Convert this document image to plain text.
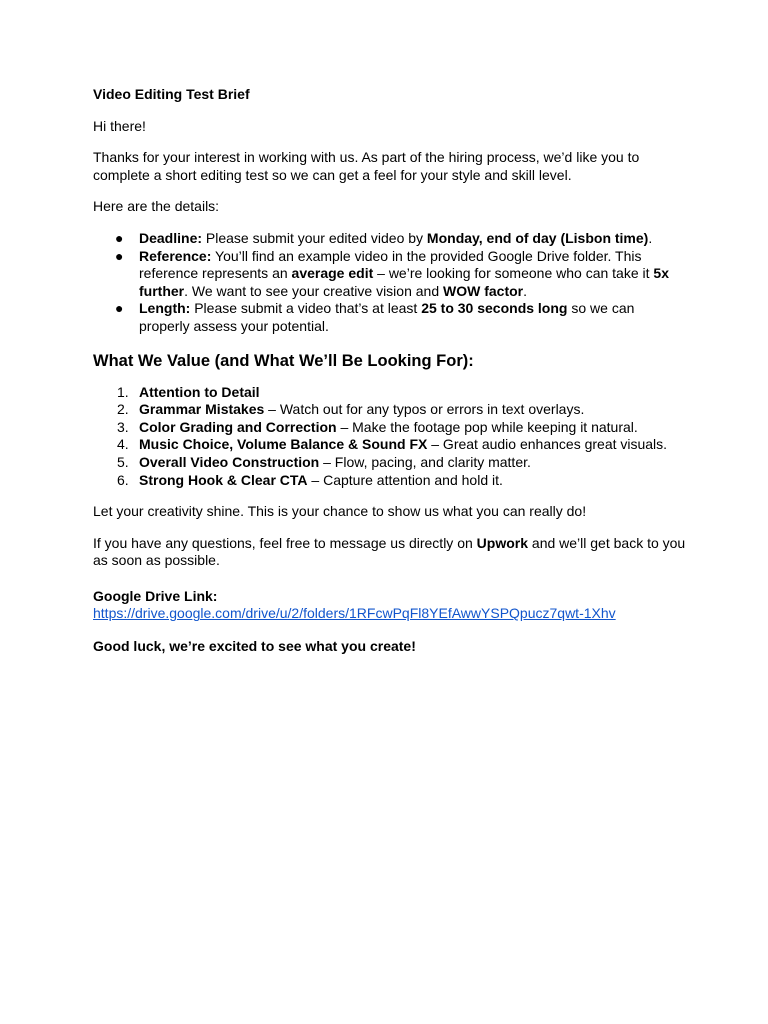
Video Editing Test Brief

Hi there!

Thanks for your interest in working with us. As part of the hiring process, we’d like you to complete a short editing test so we can get a feel for your style and skill level.

Here are the details:

● Deadline: Please submit your edited video by Monday, end of day (Lisbon time).
● Reference: You’ll find an example video in the provided Google Drive folder. This reference represents an average edit – we’re looking for someone who can take it 5x further. We want to see your creative vision and WOW factor.
● Length: Please submit a video that’s at least 25 to 30 seconds long so we can properly assess your potential.
What We Value (and What We’ll Be Looking For):
1. Attention to Detail
2. Grammar Mistakes – Watch out for any typos or errors in text overlays.
3. Color Grading and Correction – Make the footage pop while keeping it natural.
4. Music Choice, Volume Balance & Sound FX – Great audio enhances great visuals.
5. Overall Video Construction – Flow, pacing, and clarity matter.
6. Strong Hook & Clear CTA – Capture attention and hold it.

Let your creativity shine. This is your chance to show us what you can really do!

If you have any questions, feel free to message us directly on Upwork and we’ll get back to you as soon as possible.

Google Drive Link:

https://drive.google.com/drive/u/2/folders/1RFcwPqFl8YEfAwwYSPQpucz7qwt-1Xhv

Good luck, we’re excited to see what you create!
